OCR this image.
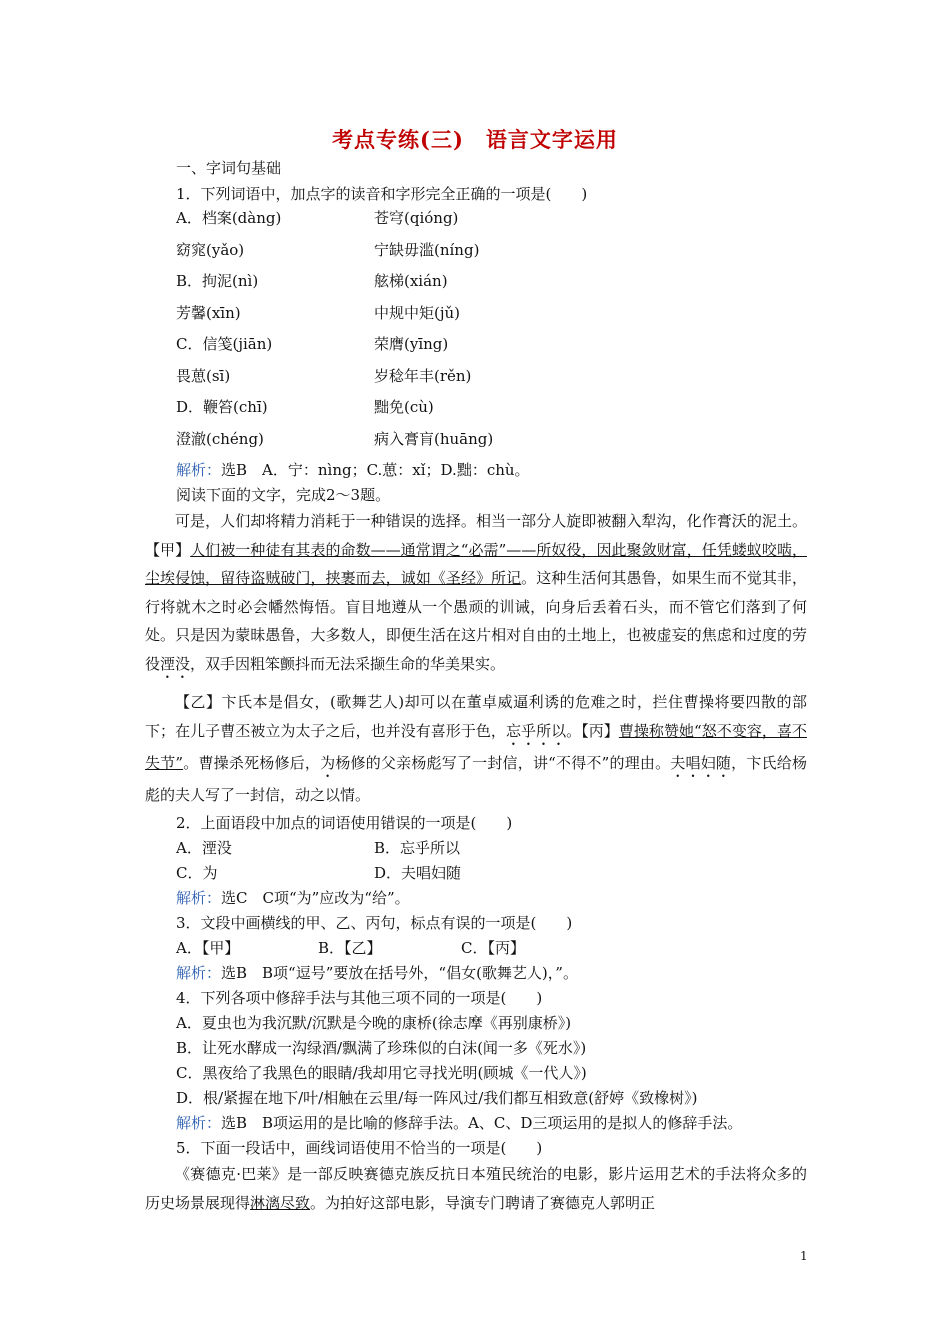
考点专练(三)　语言文字运用
一、字词句基础
1．下列词语中，加点字的读音和字形完全正确的一项是(　　)
A．档案(dàng)	苍穹(qióng)
窈窕(yǎo)	宁缺毋滥(níng)
B．拘泥(nì)	舷梯(xián)
芳馨(xīn)	中规中矩(jǔ)
C．信笺(jiān)	荣膺(yīng)
畏葸(sī)	岁稔年丰(rěn)
D．鞭笞(chī)	黜免(cù)
澄澈(chéng)	病入膏肓(huāng)
解析：选B　A．宁：nìng；C.葸：xǐ；D.黜：chù。
阅读下面的文字，完成2～3题。
可是，人们却将精力消耗于一种错误的选择。相当一部分人旋即被翻入犁沟，化作膏沃的泥土。【甲】人们被一种徒有其表的命数——通常谓之“必需”——所奴役，因此聚敛财富，任凭蝼蚁咬啮，尘埃侵蚀，留待盗贼破门，挟裹而去，诚如《圣经》所记。这种生活何其愚鲁，如果生而不觉其非，行将就木之时必会幡然悔悟。盲目地遵从一个愚顽的训诫，向身后丢着石头，而不管它们落到了何处。只是因为蒙昧愚鲁，大多数人，即便生活在这片相对自由的土地上，也被虚妄的焦虑和过度的劳役湮没，双手因粗笨颤抖而无法采撷生命的华美果实。
【乙】卞氏本是倡女，(歌舞艺人)却可以在董卓威逼利诱的危难之时，拦住曹操将要四散的部下；在儿子曹丕被立为太子之后，也并没有喜形于色，忘乎所以。【丙】曹操称赞她“怒不变容，喜不失节”。曹操杀死杨修后，为杨修的父亲杨彪写了一封信，讲“不得不”的理由。夫唱妇随，卞氏给杨彪的夫人写了一封信，动之以情。
2．上面语段中加点的词语使用错误的一项是(　　)
A．湮没	B．忘乎所以
C．为	D．夫唱妇随
解析：选C　C项“为”应改为“给”。
3．文段中画横线的甲、乙、丙句，标点有误的一项是(　　)
A．【甲】	B．【乙】	C．【丙】
解析：选B　B项“逗号”要放在括号外，“倡女(歌舞艺人)，”。
4．下列各项中修辞手法与其他三项不同的一项是(　　)
A．夏虫也为我沉默/沉默是今晚的康桥(徐志摩《再别康桥》)
B．让死水酵成一沟绿酒/飘满了珍珠似的白沫(闻一多《死水》)
C．黑夜给了我黑色的眼睛/我却用它寻找光明(顾城《一代人》)
D．根/紧握在地下/叶/相触在云里/每一阵风过/我们都互相致意(舒婷《致橡树》)
解析：选B　B项运用的是比喻的修辞手法。A、C、D三项运用的是拟人的修辞手法。
5．下面一段话中，画线词语使用不恰当的一项是(　　)
《赛德克·巴莱》是一部反映赛德克族反抗日本殖民统治的电影，影片运用艺术的手法将众多的历史场景展现得淋漓尽致。为拍好这部电影，导演专门聘请了赛德克人郭明正
1
